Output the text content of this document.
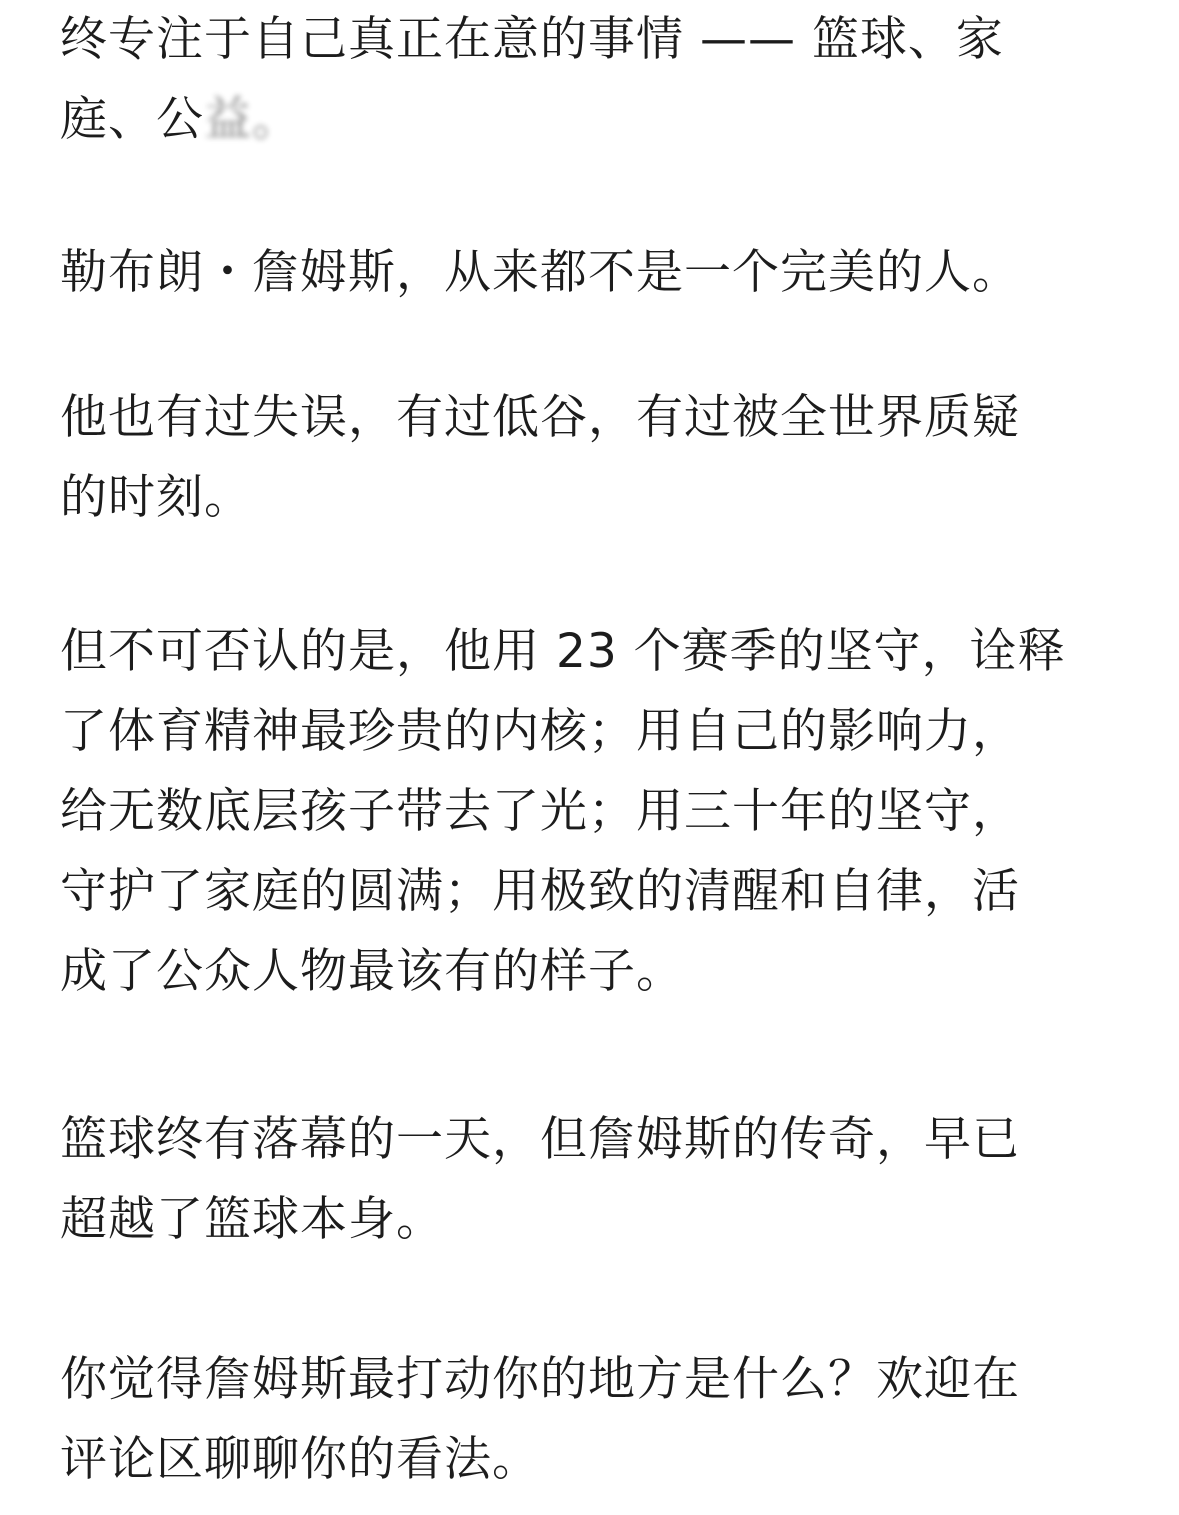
终专注于自己真正在意的事情 —— 篮球、家
庭、公益。
勒布朗・詹姆斯，从来都不是一个完美的人。
他也有过失误，有过低谷，有过被全世界质疑
的时刻。
但不可否认的是，他用 23 个赛季的坚守，诠释
了体育精神最珍贵的内核；用自己的影响力，
给无数底层孩子带去了光；用三十年的坚守，
守护了家庭的圆满；用极致的清醒和自律，活
成了公众人物最该有的样子。
篮球终有落幕的一天，但詹姆斯的传奇，早已
超越了篮球本身。
你觉得詹姆斯最打动你的地方是什么？欢迎在
评论区聊聊你的看法。
